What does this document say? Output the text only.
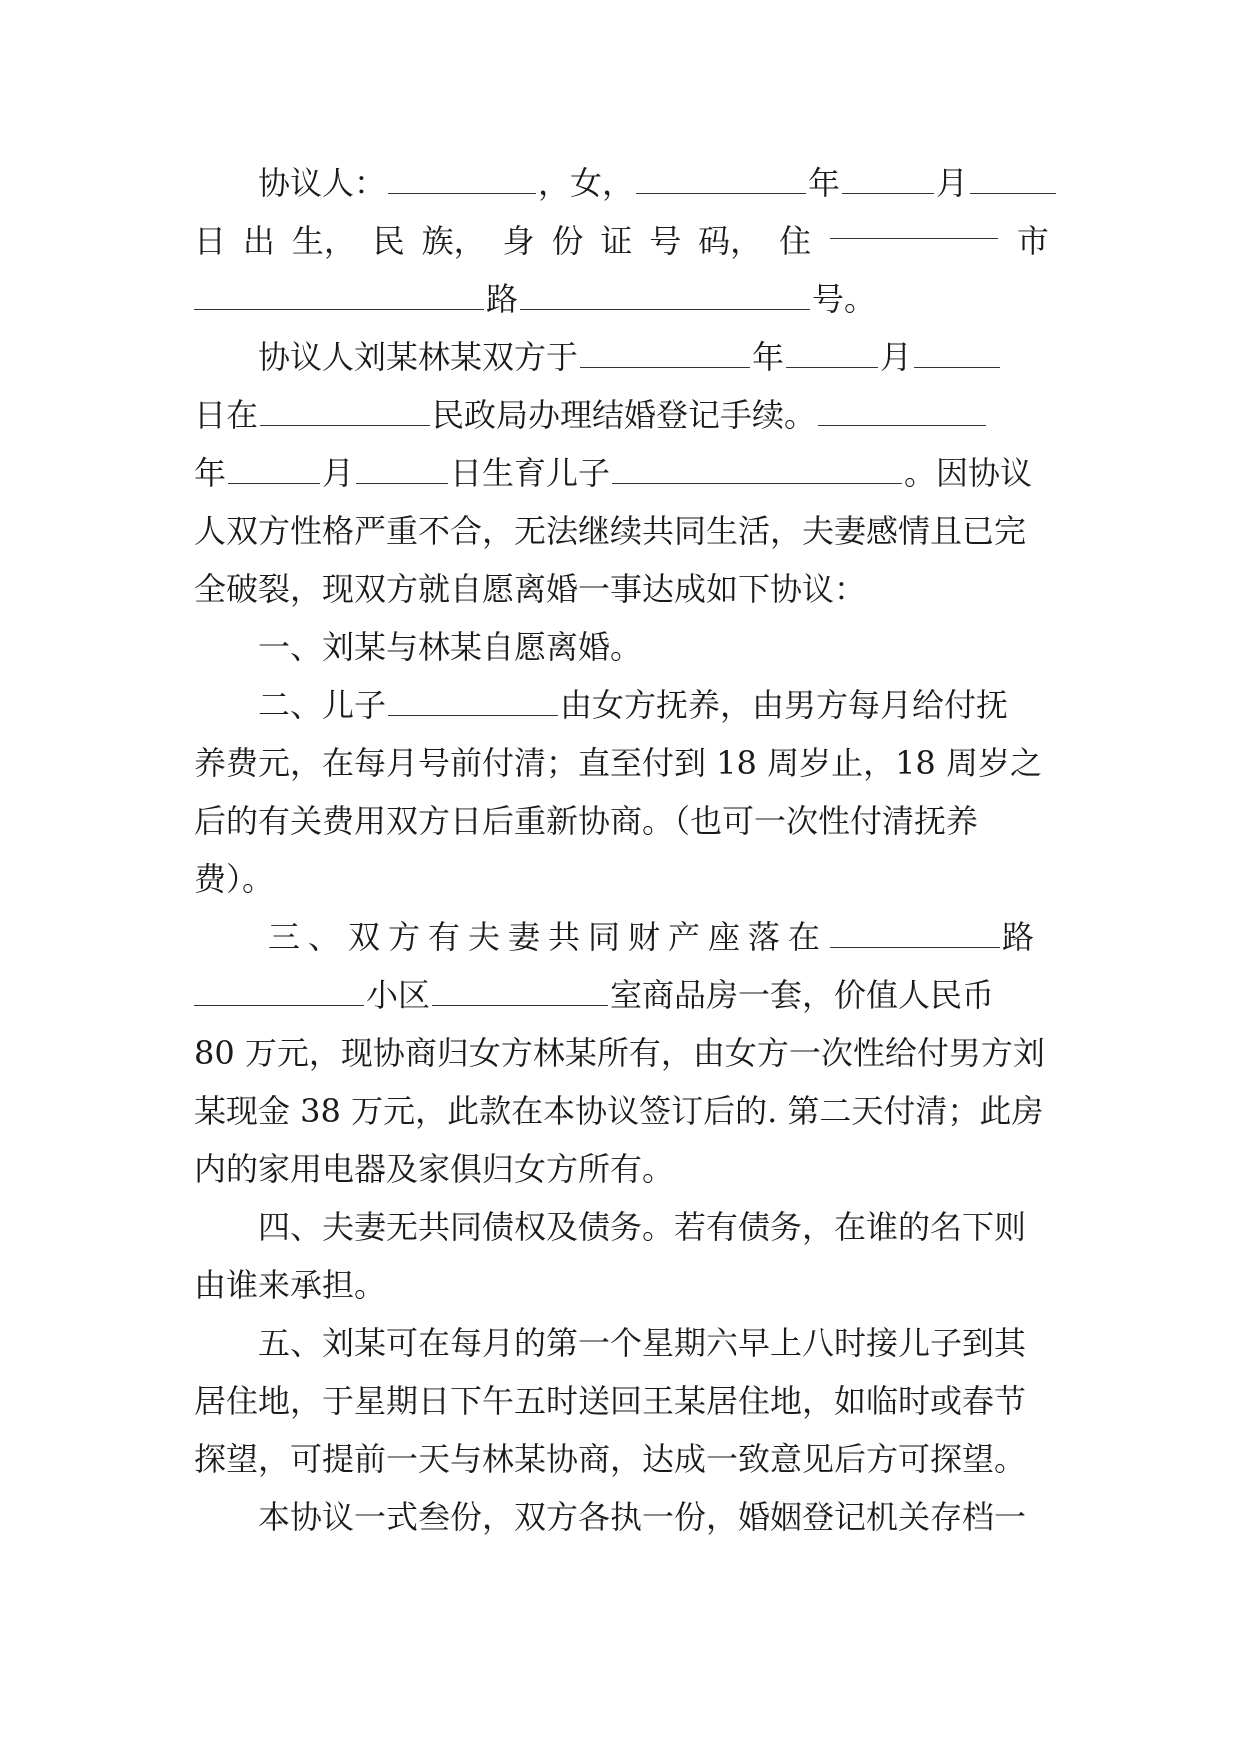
协议人：	，女，	年	月
日 出 生， 民 族， 身 份 证 号 码， 住	市
路	号。
协议人刘某林某双方于	年	月
日在	民政局办理结婚登记手续。
年	月	日生育儿子	。因协议
人双方性格严重不合，无法继续共同生活，夫妻感情且已完
全破裂，现双方就自愿离婚一事达成如下协议：
一、刘某与林某自愿离婚。
二、儿子	由女方抚养，由男方每月给付抚
养费元，在每月号前付清；直至付到 18 周岁止，18 周岁之
后的有关费用双方日后重新协商。（也可一次性付清抚养
费）。
三、双方有夫妻共同财产座落在	路
小区	室商品房一套，价值人民币
80 万元，现协商归女方林某所有，由女方一次性给付男方刘
某现金 38 万元，此款在本协议签订后的. 第二天付清；此房
内的家用电器及家俱归女方所有。
四、夫妻无共同债权及债务。若有债务，在谁的名下则
由谁来承担。
五、刘某可在每月的第一个星期六早上八时接儿子到其
居住地，于星期日下午五时送回王某居住地，如临时或春节
探望，可提前一天与林某协商，达成一致意见后方可探望。
本协议一式叁份，双方各执一份，婚姻登记机关存档一
